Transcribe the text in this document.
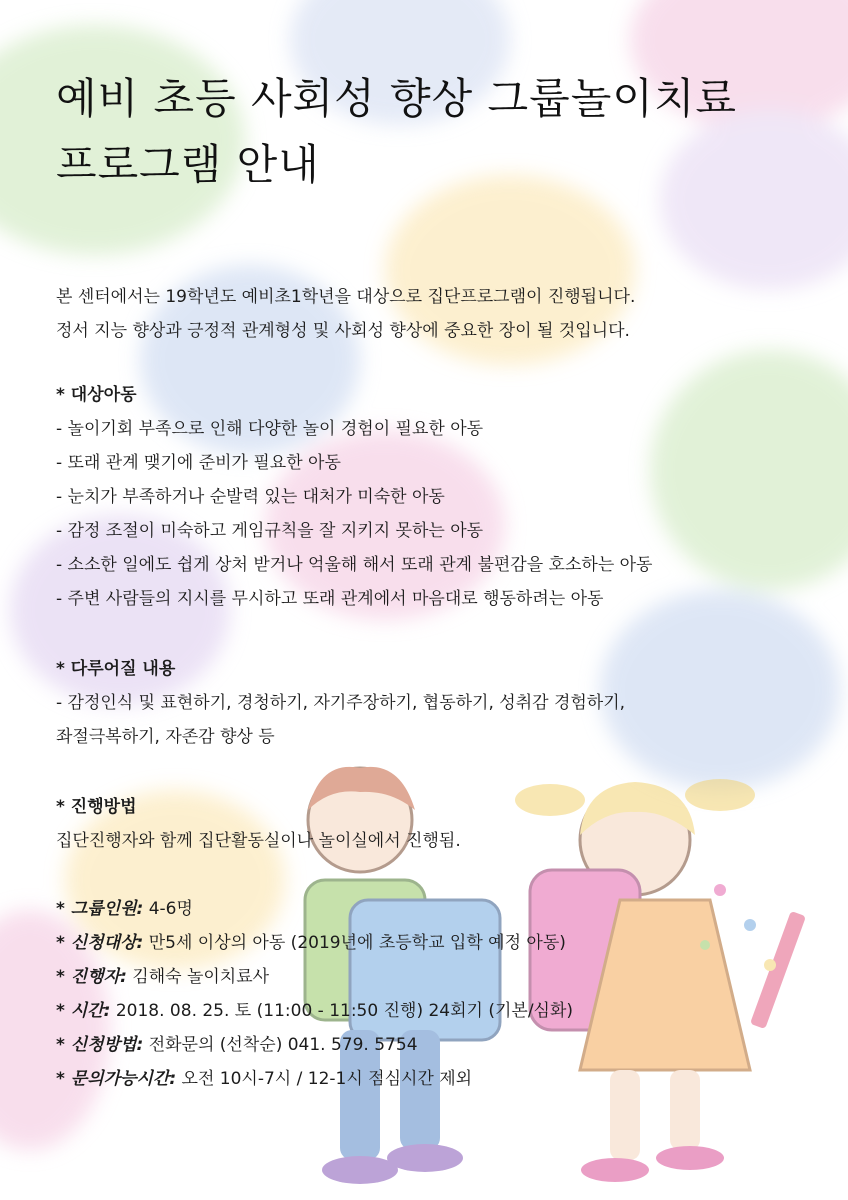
예비 초등 사회성 향상 그룹놀이치료
프로그램 안내

본 센터에서는 19학년도 예비초1학년을 대상으로 집단프로그램이 진행됩니다.
정서 지능 향상과 긍정적 관계형성 및 사회성 향상에 중요한 장이 될 것입니다.

* 대상아동
- 놀이기회 부족으로 인해 다양한 놀이 경험이 필요한 아동
- 또래 관계 맺기에 준비가 필요한 아동
- 눈치가 부족하거나 순발력 있는 대처가 미숙한 아동
- 감정 조절이 미숙하고 게임규칙을 잘 지키지 못하는 아동
- 소소한 일에도 쉽게 상처 받거나 억울해 해서 또래 관계 불편감을 호소하는 아동
- 주변 사람들의 지시를 무시하고 또래 관계에서 마음대로 행동하려는 아동
* 다루어질 내용
- 감정인식 및 표현하기, 경청하기, 자기주장하기, 협동하기, 성취감 경험하기,
좌절극복하기, 자존감 향상 등
* 진행방법
집단진행자와 함께 집단활동실이나 놀이실에서 진행됨.
* 그룹인원: 4-6명
* 신청대상: 만5세 이상의 아동 (2019년에 초등학교 입학 예정 아동)
* 진행자: 김해숙 놀이치료사
* 시간: 2018. 08. 25. 토 (11:00 - 11:50 진행) 24회기 (기본/심화)
* 신청방법: 전화문의 (선착순) 041. 579. 5754
* 문의가능시간: 오전 10시-7시 / 12-1시 점심시간 제외
